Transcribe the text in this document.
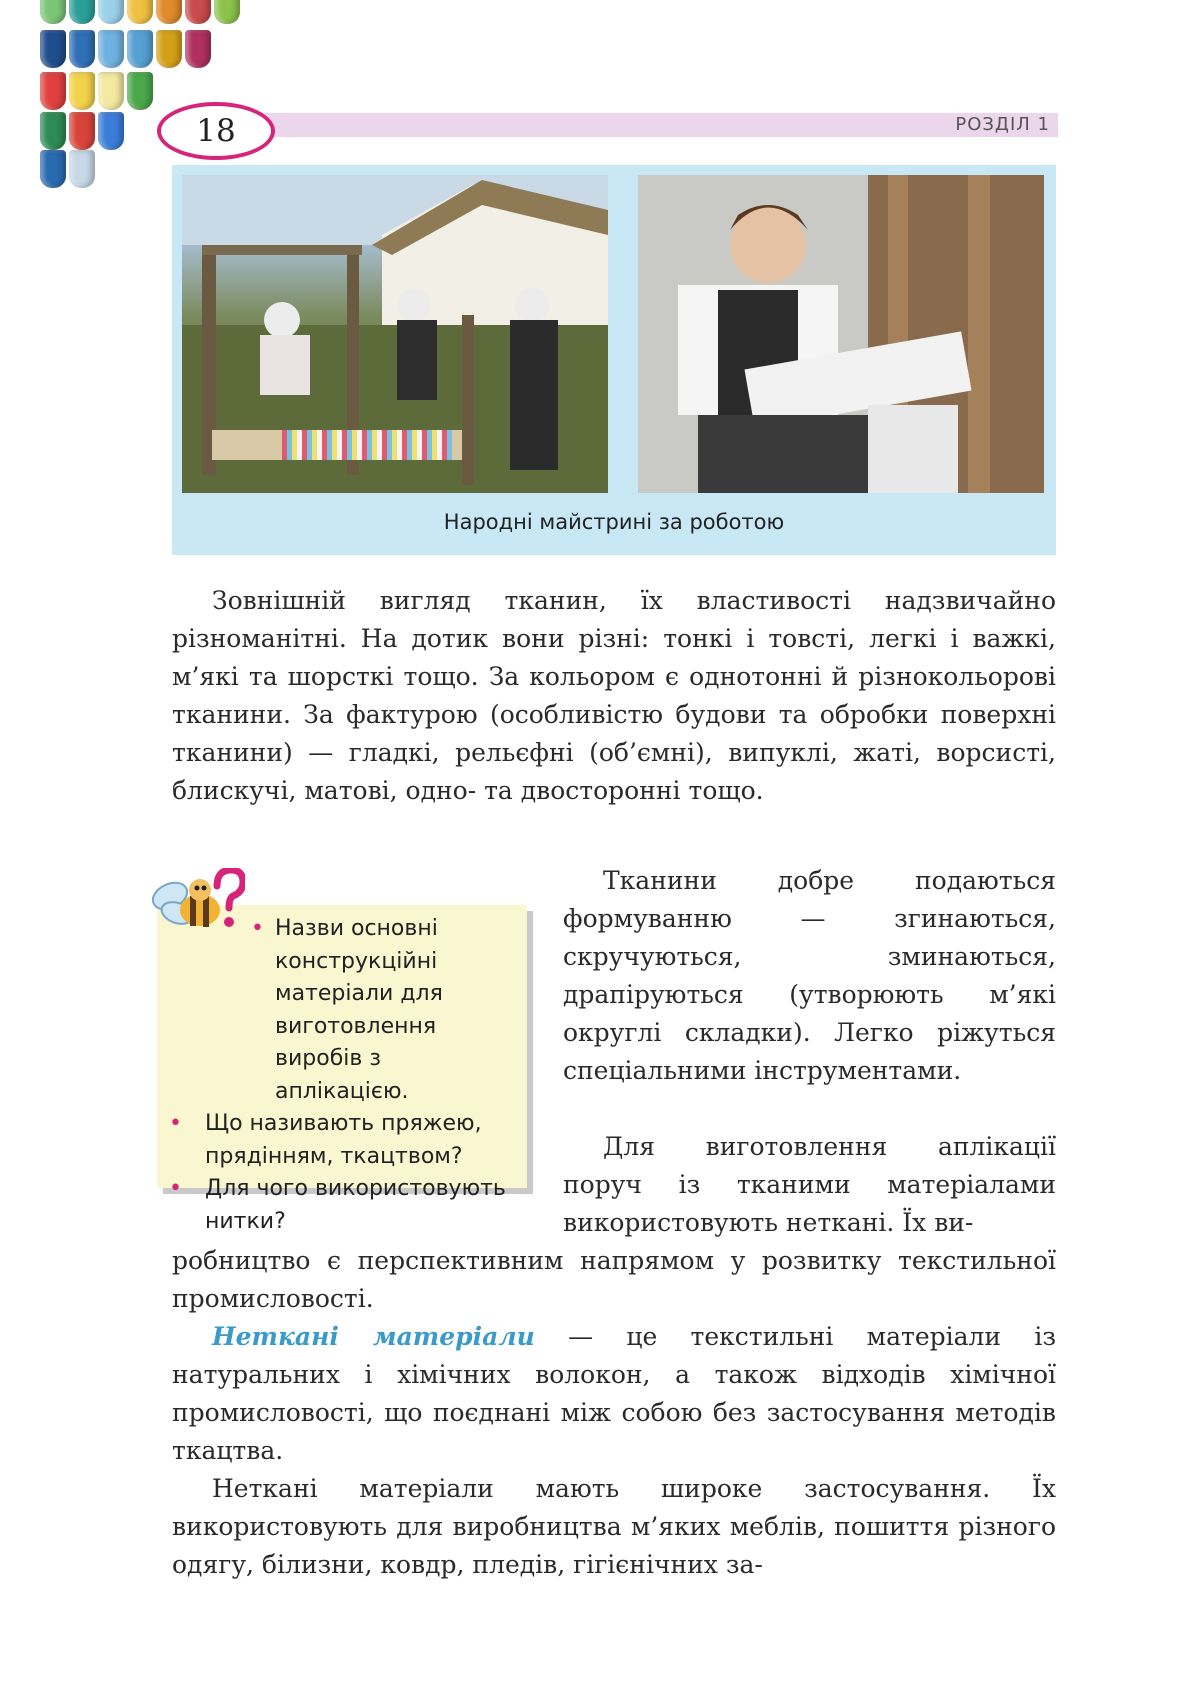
18	РОЗДІЛ 1
Народні майстрині за роботою

Зовнішній вигляд тканин, їх властивості надзвичайно різноманітні. На дотик вони різні: тонкі і товсті, легкі і важкі, м’які та шорсткі тощо. За кольором є однотонні й різнокольорові тканини. За фактурою (особливістю будови та обробки поверхні тканини) — гладкі, рельєфні (об’ємні), випуклі, жаті, ворсисті, блискучі, матові, одно- та двосторонні тощо.

• Назви основні конструкційні матеріали для виготовлення виробів з аплікацією.
• Що називають пряжею, прядінням, ткацтвом?
• Для чого використовують нитки?

Тканини добре подаються формуванню — згинаються, скручуються, зминаються, драпіруються (утворюють м’які округлі складки). Легко ріжуться спеціальними інструментами.

Для виготовлення аплікації поруч із тканими матеріалами використовують неткані. Їх ви-

робництво є перспективним напрямом у розвитку текстильної промисловості.

Неткані матеріали — це текстильні матеріали із натуральних і хімічних волокон, а також відходів хімічної промисловості, що поєднані між собою без застосування методів ткацтва.

Неткані матеріали мають широке застосування. Їх використовують для виробництва м’яких меблів, пошиття різного одягу, білизни, ковдр, пледів, гігієнічних за-
